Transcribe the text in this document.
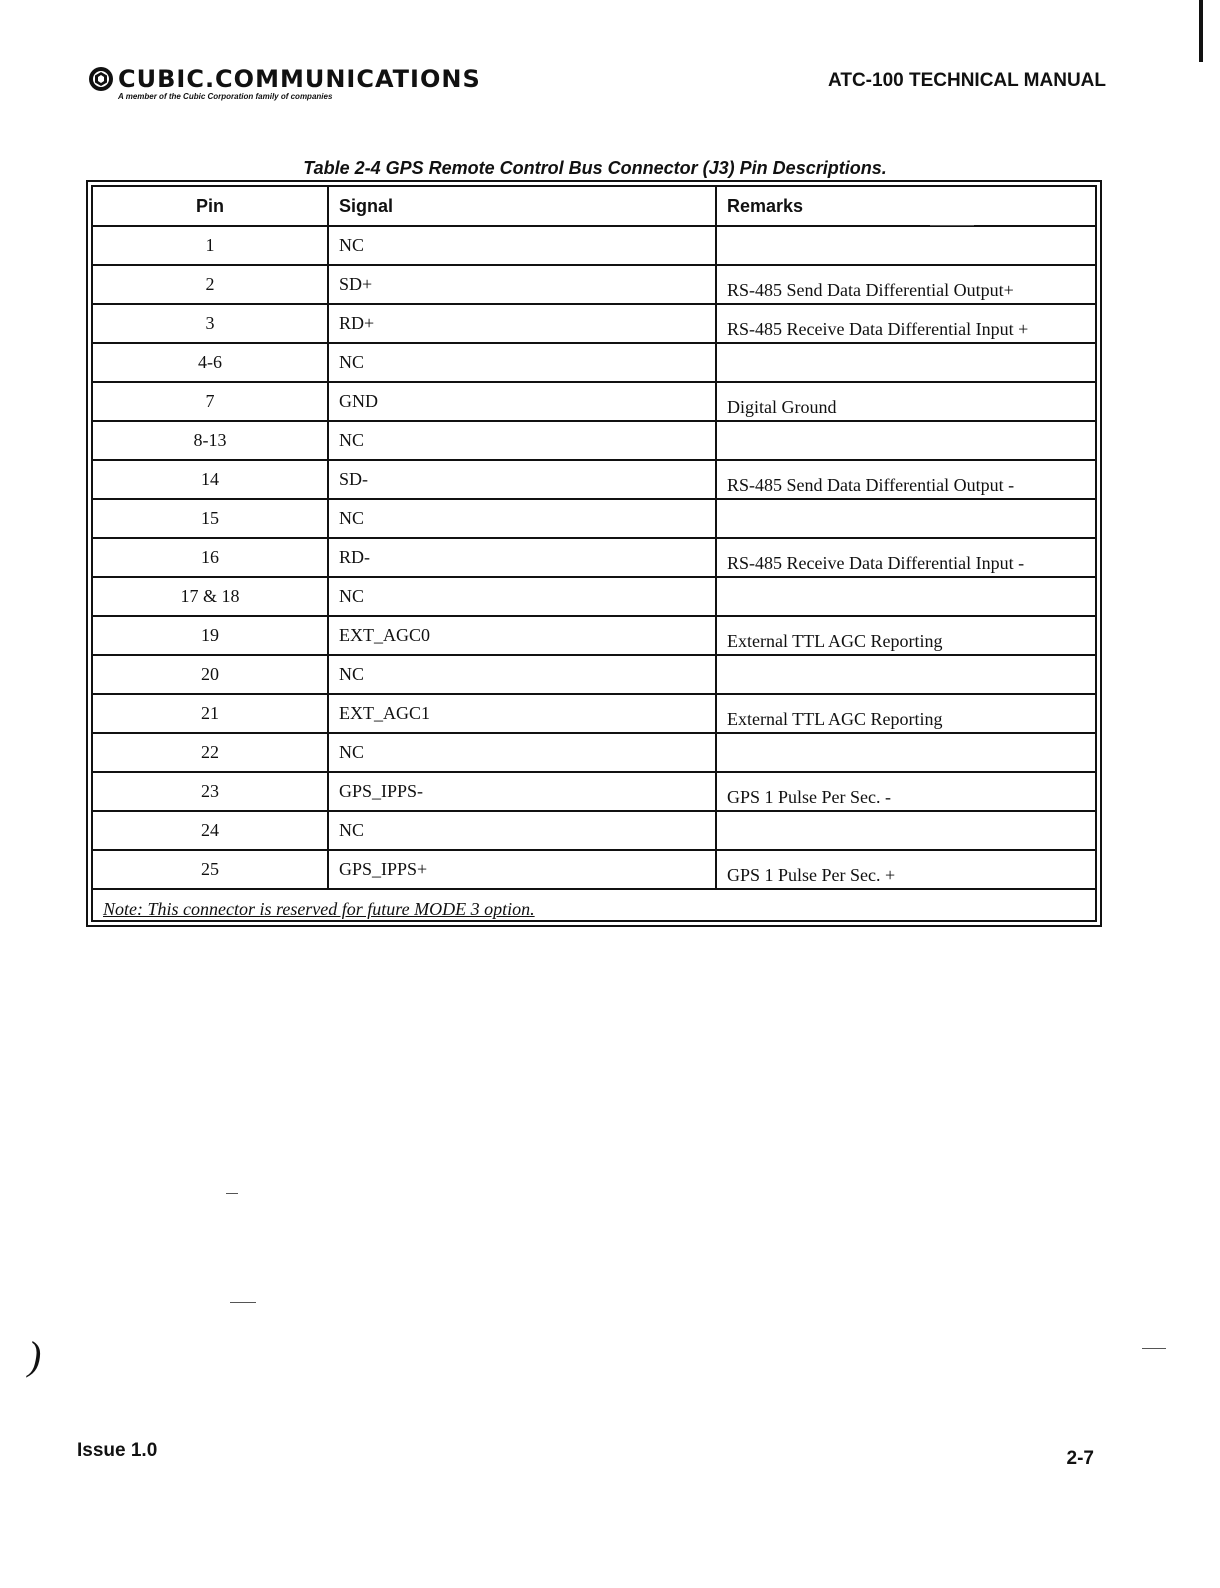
CUBIC.COMMUNICATIONS
A member of the Cubic Corporation family of companies
ATC-100 TECHNICAL MANUAL
Table 2-4 GPS Remote Control Bus Connector (J3) Pin Descriptions.
Pin	Signal	Remarks
1	NC	
2	SD+	RS-485 Send Data Differential Output+
3	RD+	RS-485 Receive Data Differential Input +
4-6	NC	
7	GND	Digital Ground
8-13	NC	
14	SD-	RS-485 Send Data Differential Output -
15	NC	
16	RD-	RS-485 Receive Data Differential Input -
17 & 18	NC	
19	EXT_AGC0	External TTL AGC Reporting
20	NC	
21	EXT_AGC1	External TTL AGC Reporting
22	NC	
23	GPS_IPPS-	GPS 1 Pulse Per Sec. -
24	NC	
25	GPS_IPPS+	GPS 1 Pulse Per Sec. +
Note: This connector is reserved for future MODE 3 option.		
)
Issue 1.0	2-7
